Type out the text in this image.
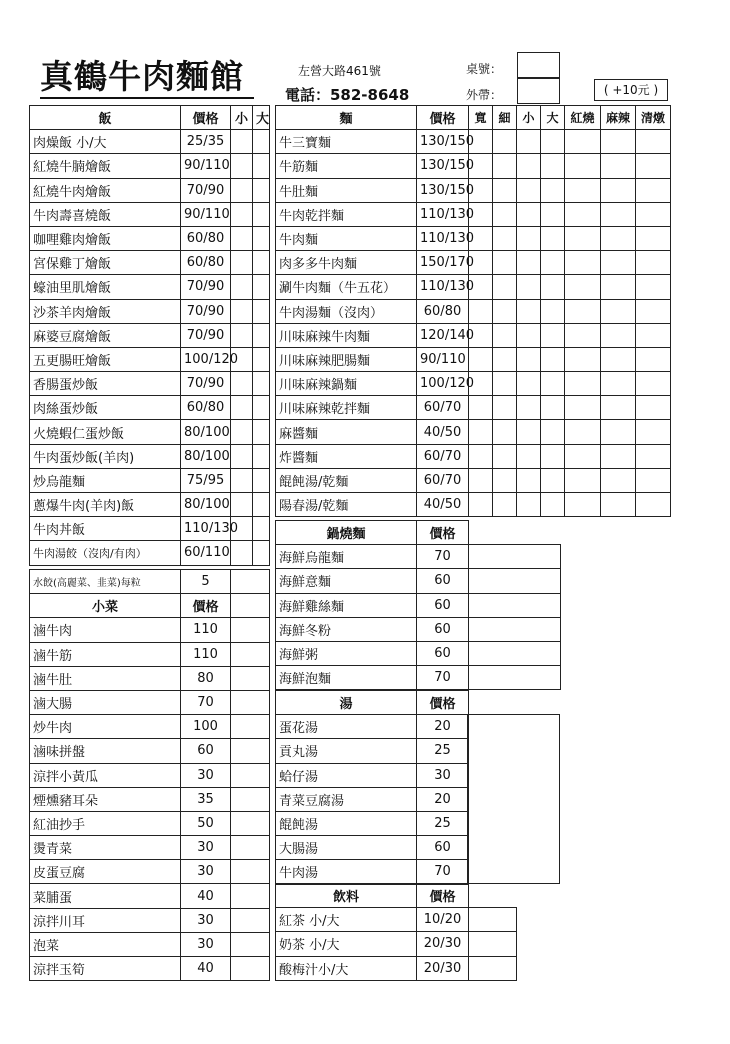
真鶴牛肉麵館	左營大路461號
電話：582-8648
桌號：
外帶：	( +10元 )
飯	價格	小	大
肉燥飯 小/大	25/35		
紅燒牛腩燴飯	90/110		
紅燒牛肉燴飯	70/90		
牛肉壽喜燒飯	90/110		
咖哩雞肉燴飯	60/80		
宮保雞丁燴飯	60/80		
蠔油里肌燴飯	70/90		
沙茶羊肉燴飯	70/90		
麻婆豆腐燴飯	70/90		
五更腸旺燴飯	100/120		
香腸蛋炒飯	70/90		
肉絲蛋炒飯	60/80		
火燒蝦仁蛋炒飯	80/100		
牛肉蛋炒飯(羊肉)	80/100		
炒烏龍麵	75/95		
蔥爆牛肉(羊肉)飯	80/100		
牛肉丼飯	110/130		
牛肉湯餃（沒肉/有肉）	60/110		
水餃(高麗菜、韭菜)每粒	5	
小菜	價格	
滷牛肉	110	
滷牛筋	110	
滷牛肚	80	
滷大腸	70	
炒牛肉	100	
滷味拼盤	60	
涼拌小黃瓜	30	
煙燻豬耳朵	35	
紅油抄手	50	
燙青菜	30	
皮蛋豆腐	30	
菜脯蛋	40	
涼拌川耳	30	
泡菜	30	
涼拌玉筍	40	
麵	價格	寬	細	小	大	紅燒	麻辣	清燉
牛三寶麵	130/150							
牛筋麵	130/150							
牛肚麵	130/150							
牛肉乾拌麵	110/130							
牛肉麵	110/130							
肉多多牛肉麵	150/170							
涮牛肉麵（牛五花）	110/130							
牛肉湯麵（沒肉）	60/80							
川味麻辣牛肉麵	120/140							
川味麻辣肥腸麵	90/110							
川味麻辣鍋麵	100/120							
川味麻辣乾拌麵	60/70							
麻醬麵	40/50							
炸醬麵	60/70							
餛飩湯/乾麵	60/70							
陽春湯/乾麵	40/50							
鍋燒麵	價格	
海鮮烏龍麵	70	
海鮮意麵	60	
海鮮雞絲麵	60	
海鮮冬粉	60	
海鮮粥	60	
海鮮泡麵	70	
湯	價格
蛋花湯	20
貢丸湯	25
蛤仔湯	30
青菜豆腐湯	20
餛飩湯	25
大腸湯	60
牛肉湯	70
飲料	價格	
紅茶 小/大	10/20	
奶茶 小/大	20/30	
酸梅汁小/大	20/30	
